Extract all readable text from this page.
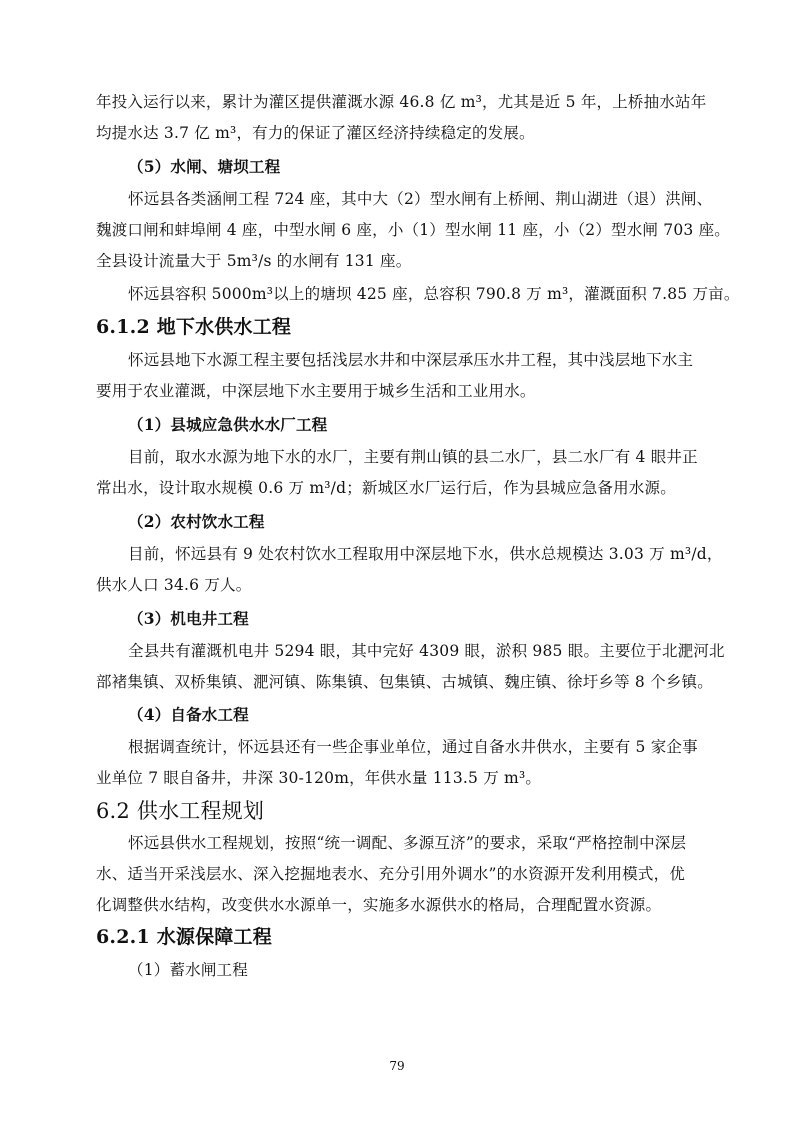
年投入运行以来，累计为灌区提供灌溉水源 46.8 亿 m³，尤其是近 5 年，上桥抽水站年
均提水达 3.7 亿 m³，有力的保证了灌区经济持续稳定的发展。
（5）水闸、塘坝工程
怀远县各类涵闸工程 724 座，其中大（2）型水闸有上桥闸、荆山湖进（退）洪闸、
魏渡口闸和蚌埠闸 4 座，中型水闸 6 座，小（1）型水闸 11 座，小（2）型水闸 703 座。
全县设计流量大于 5m³/s 的水闸有 131 座。
怀远县容积 5000m³以上的塘坝 425 座，总容积 790.8 万 m³，灌溉面积 7.85 万亩。
6.1.2 地下水供水工程
怀远县地下水源工程主要包括浅层水井和中深层承压水井工程，其中浅层地下水主
要用于农业灌溉，中深层地下水主要用于城乡生活和工业用水。
（1）县城应急供水水厂工程
目前，取水水源为地下水的水厂，主要有荆山镇的县二水厂，县二水厂有 4 眼井正
常出水，设计取水规模 0.6 万 m³/d；新城区水厂运行后，作为县城应急备用水源。
（2）农村饮水工程
目前，怀远县有 9 处农村饮水工程取用中深层地下水，供水总规模达 3.03 万 m³/d，
供水人口 34.6 万人。
（3）机电井工程
全县共有灌溉机电井 5294 眼，其中完好 4309 眼，淤积 985 眼。主要位于北淝河北
部褚集镇、双桥集镇、淝河镇、陈集镇、包集镇、古城镇、魏庄镇、徐圩乡等 8 个乡镇。
（4）自备水工程
根据调查统计，怀远县还有一些企事业单位，通过自备水井供水，主要有 5 家企事
业单位 7 眼自备井，井深 30-120m，年供水量 113.5 万 m³。
6.2 供水工程规划
怀远县供水工程规划，按照“统一调配、多源互济”的要求，采取“严格控制中深层
水、适当开采浅层水、深入挖掘地表水、充分引用外调水”的水资源开发利用模式，优
化调整供水结构，改变供水水源单一，实施多水源供水的格局，合理配置水资源。
6.2.1 水源保障工程
（1）蓄水闸工程
79
